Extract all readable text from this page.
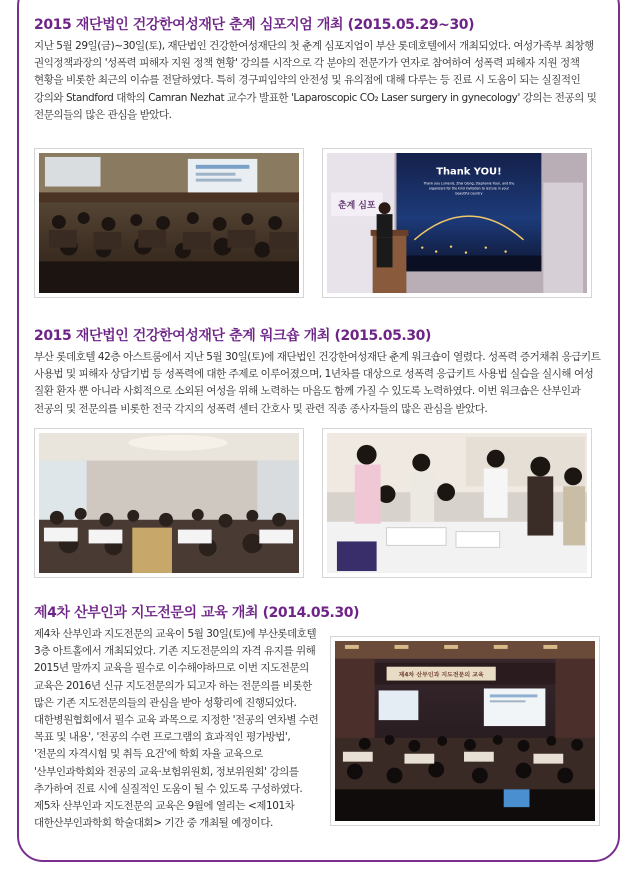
2015 재단법인 건강한여성재단 춘계 심포지엄 개최 (2015.05.29~30)
지난 5월 29일(금)~30일(토), 재단법인 건강한여성재단의 첫 춘계 심포지엄이 부산 롯데호텔에서 개최되었다. 여성가족부 최창행 권익정책과장의 '성폭력 피해자 지원 정책 현황' 강의를 시작으로 각 분야의 전문가가 연자로 참여하여 성폭력 피해자 지원 정책 현황을 비롯한 최근의 이슈를 전달하였다. 특히 경구피임약의 안전성 및 유의점에 대해 다루는 등 진료 시 도움이 되는 실질적인 강의와 Standford 대학의 Camran Nezhat 교수가 발표한 'Laparoscopic CO₂ Laser surgery in gynecology' 강의는 전공의 및 전문의들의 많은 관심을 받았다.
Thank YOU!
Thank you Lumenis, Zhai Qiong, Stephanie Yuen, and the
organizers for the kind invitation to lecture in your
beautiful country
춘계 심포
2015 재단법인 건강한여성재단 춘계 워크숍 개최 (2015.05.30)
부산 롯데호텔 42층 아스트룸에서 지난 5월 30일(토)에 재단법인 건강한여성재단 춘계 워크숍이 열렸다. 성폭력 증거채취 응급키트 사용법 및 피해자 상담기법 등 성폭력에 대한 주제로 이루어졌으며, 1년차를 대상으로 성폭력 응급키트 사용법 실습을 실시해 여성 질환 환자 뿐 아니라 사회적으로 소외된 여성을 위해 노력하는 마음도 함께 가질 수 있도록 노력하였다. 이번 워크숍은 산부인과 전공의 및 전문의를 비롯한 전국 각지의 성폭력 센터 간호사 및 관련 직종 종사자들의 많은 관심을 받았다.
제4차 산부인과 지도전문의 교육 개최 (2014.05.30)
제4차 산부인과 지도전문의 교육이 5월 30일(토)에 부산롯데호텔 3층 아트홀에서 개최되었다. 기존 지도전문의의 자격 유지를 위해 2015년 말까지 교육을 필수로 이수해야하므로 이번 지도전문의 교육은 2016년 신규 지도전문의가 되고자 하는 전문의를 비롯한 많은 기존 지도전문의들의 관심을 받아 성황리에 진행되었다. 대한병원협회에서 필수 교육 과목으로 지정한 '전공의 연차별 수련 목표 및 내용', '전공의 수련 프로그램의 효과적인 평가방법', '전문의 자격시험 및 취득 요건'에 학회 자율 교육으로 '산부인과학회와 전공의 교육·보험위원회, 정보위원회' 강의를 추가하여 진료 시에 실질적인 도움이 될 수 있도록 구성하였다. 제5차 산부인과 지도전문의 교육은 9월에 열리는 <제101차 대한산부인과학회 학술대회> 기간 중 개최될 예정이다.
제4차 산부인과 지도전문의 교육
